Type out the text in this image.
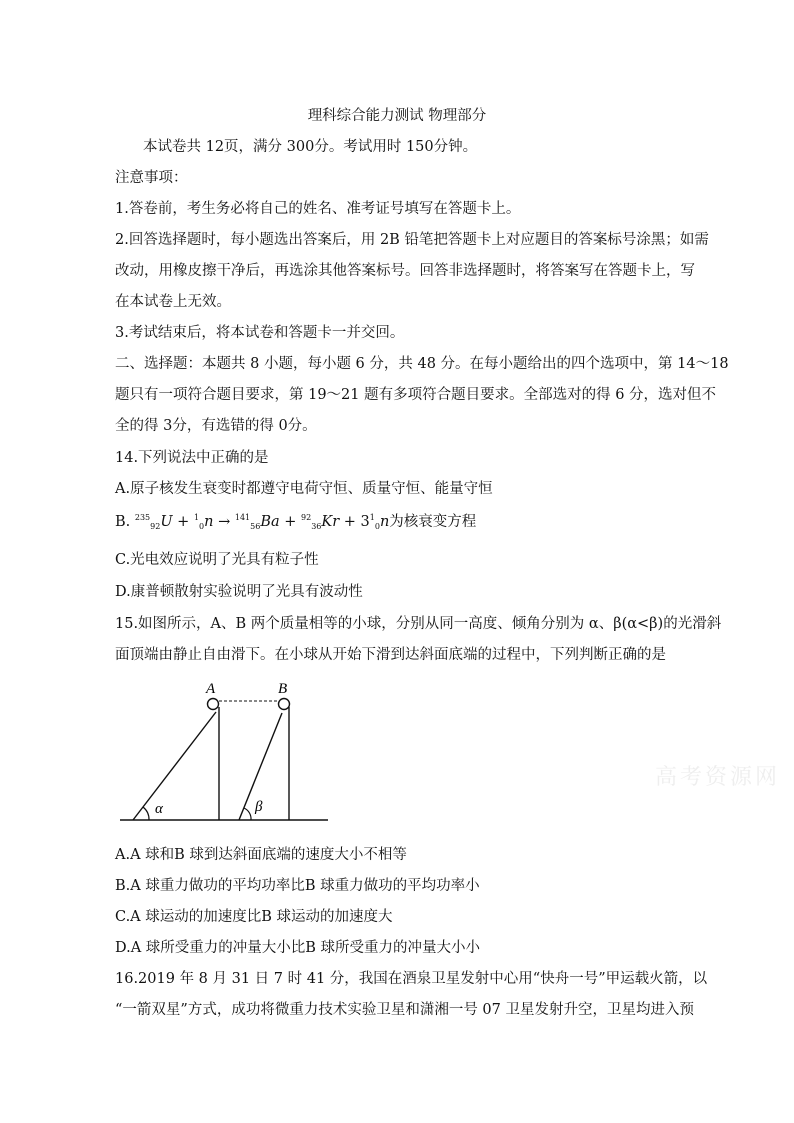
理科综合能力测试 物理部分
本试卷共 12页，满分 300分。考试用时 150分钟。
注意事项：
1.答卷前，考生务必将自己的姓名、准考证号填写在答题卡上。
2.回答选择题时，每小题选出答案后，用 2B 铅笔把答题卡上对应题目的答案标号涂黑；如需
改动，用橡皮擦干净后，再选涂其他答案标号。回答非选择题时，将答案写在答题卡上，写
在本试卷上无效。
3.考试结束后，将本试卷和答题卡一并交回。
二、选择题：本题共 8 小题，每小题 6 分，共 48 分。在每小题给出的四个选项中，第 14～18
题只有一项符合题目要求，第 19～21 题有多项符合题目要求。全部选对的得 6 分，选对但不
全的得 3分，有选错的得 0分。
14.下列说法中正确的是
A.原子核发生衰变时都遵守电荷守恒、质量守恒、能量守恒
B. $^{235}_{92}U + ^1_0n \to ^{141}_{56}Ba + ^{92}_{36}Kr + 3^1_0n$为核衰变方程
C.光电效应说明了光具有粒子性
D.康普顿散射实验说明了光具有波动性
15.如图所示，A、B 两个质量相等的小球，分别从同一高度、倾角分别为 α、β(α<β)的光滑斜
面顶端由静止自由滑下。在小球从开始下滑到达斜面底端的过程中，下列判断正确的是
A	B
α	β
高考资源网
A.A 球和B 球到达斜面底端的速度大小不相等
B.A 球重力做功的平均功率比B 球重力做功的平均功率小
C.A 球运动的加速度比B 球运动的加速度大
D.A 球所受重力的冲量大小比B 球所受重力的冲量大小小
16.2019 年 8 月 31 日 7 时 41 分，我国在酒泉卫星发射中心用“快舟一号”甲运载火箭，以
“一箭双星”方式，成功将微重力技术实验卫星和潇湘一号 07 卫星发射升空，卫星均进入预
